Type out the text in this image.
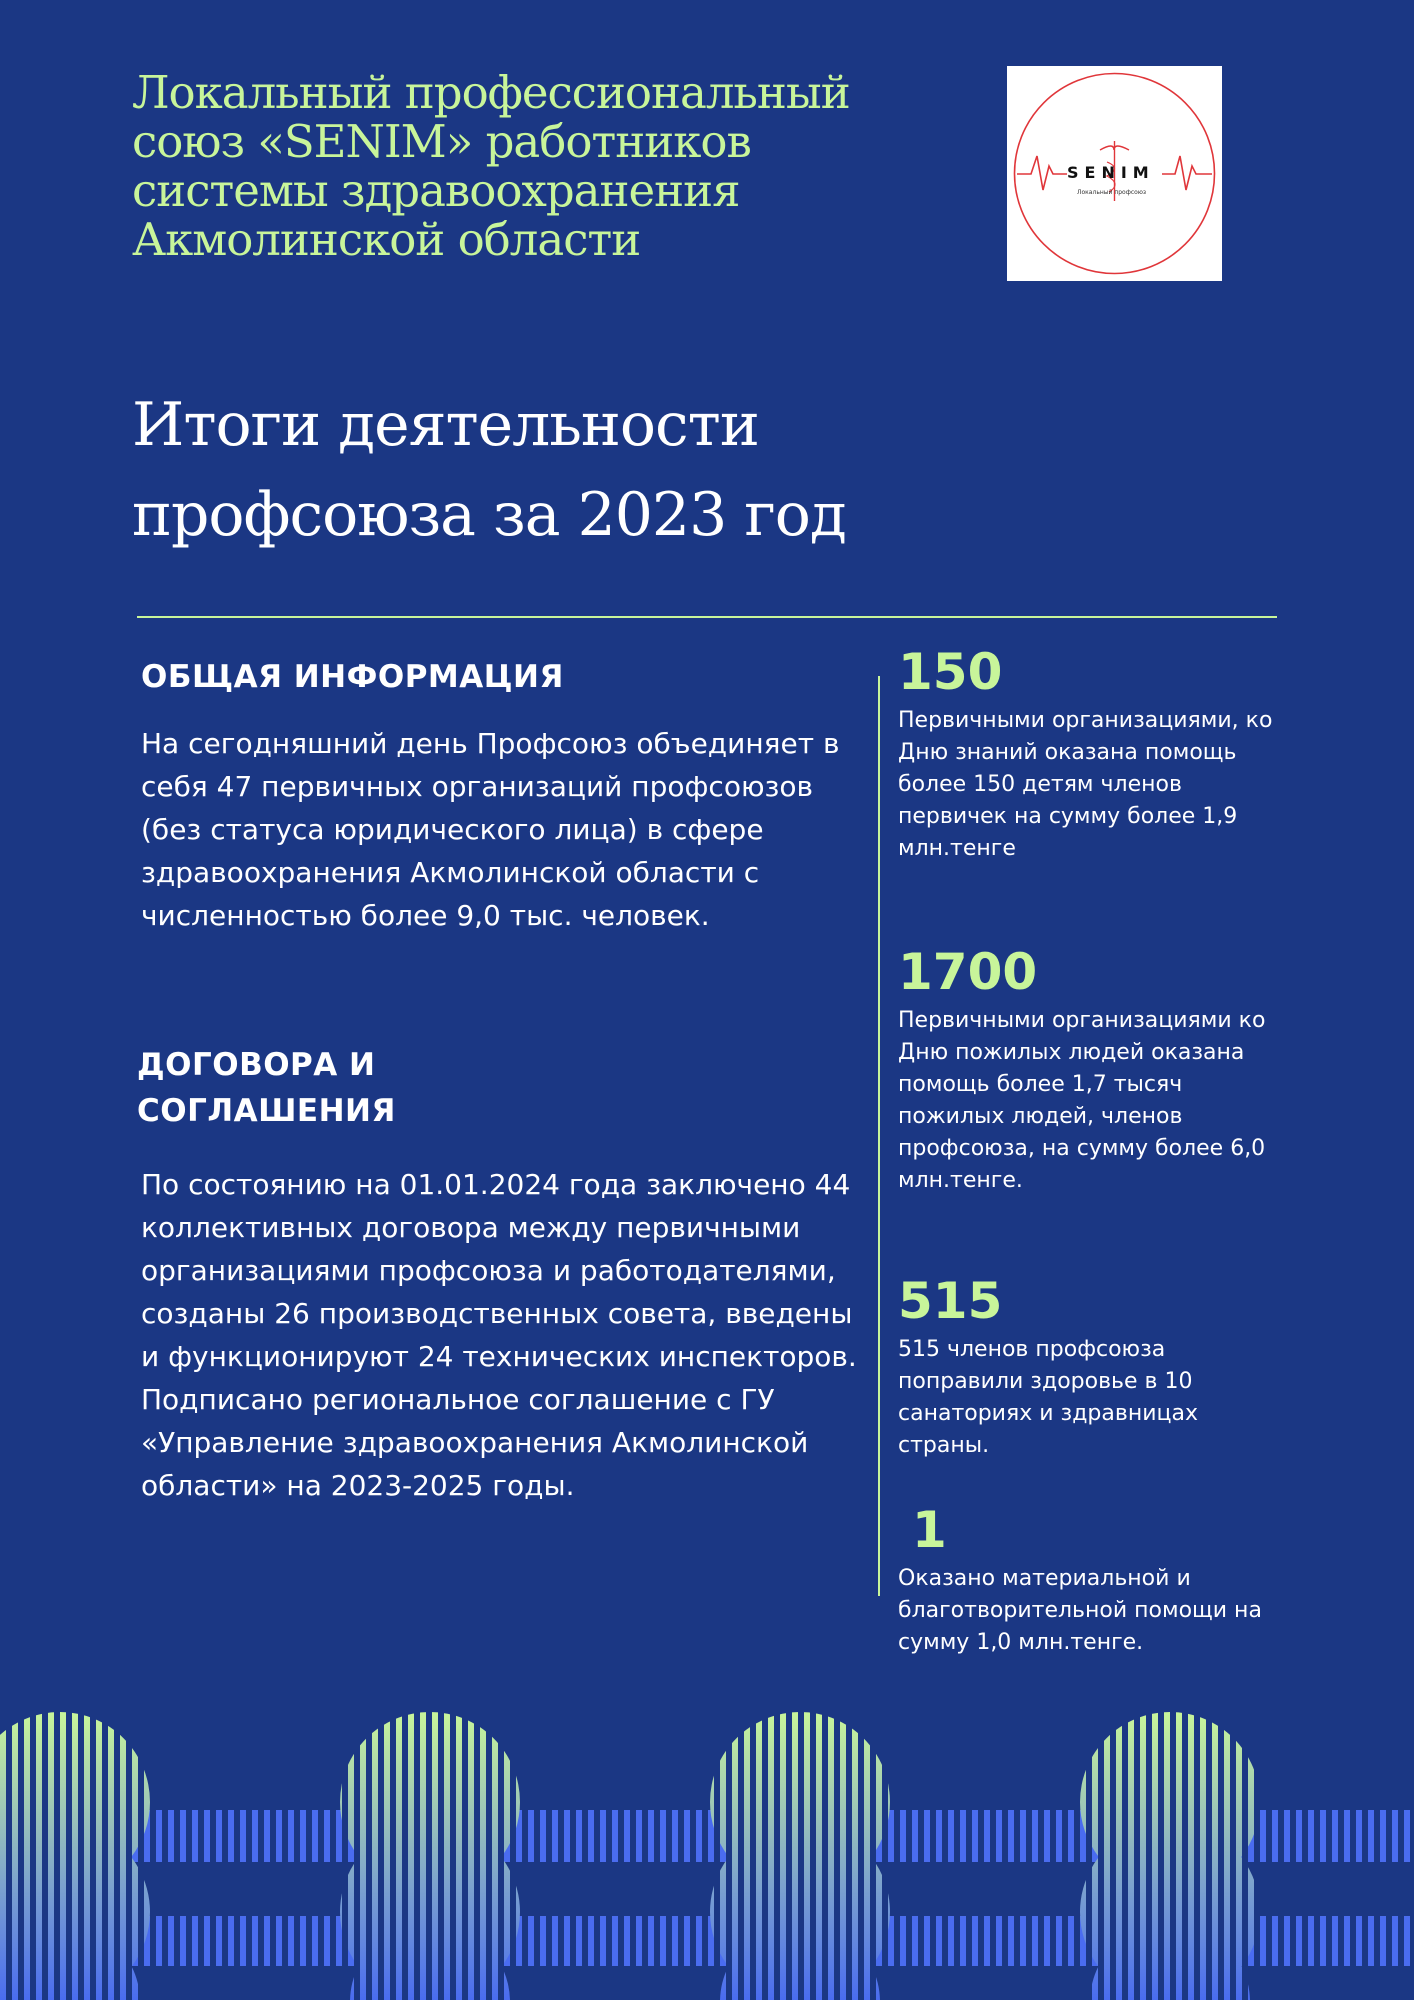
Локальный профессиональный союз «SENIM» работников системы здравоохранения Акмолинской области
SENIM
Локальный профсоюз
Итоги деятельности профсоюза за 2023 год
ОБЩАЯ ИНФОРМАЦИЯ

На сегодняшний день Профсоюз объединяет в себя 47 первичных организаций профсоюзов (без статуса юридического лица) в сфере здравоохранения Акмолинской области с численностью более 9,0 тыс. человек.

ДОГОВОРА И СОГЛАШЕНИЯ

По состоянию на 01.01.2024 года заключено 44 коллективных договора между первичными организациями профсоюза и работодателями, созданы 26 производственных совета, введены и функционируют 24 технических инспекторов. Подписано региональное соглашение с ГУ «Управление здравоохранения Акмолинской области» на 2023-2025 годы.

150
Первичными организациями, ко Дню знаний оказана помощь более 150 детям членов первичек на сумму более 1,9 млн.тенге
1700
Первичными организациями ко Дню пожилых людей оказана помощь более 1,7 тысяч пожилых людей, членов профсоюза, на сумму более 6,0 млн.тенге.
515
515 членов профсоюза поправили здоровье в 10 санаториях и здравницах страны.
1
Оказано материальной и благотворительной помощи на сумму 1,0 млн.тенге.
